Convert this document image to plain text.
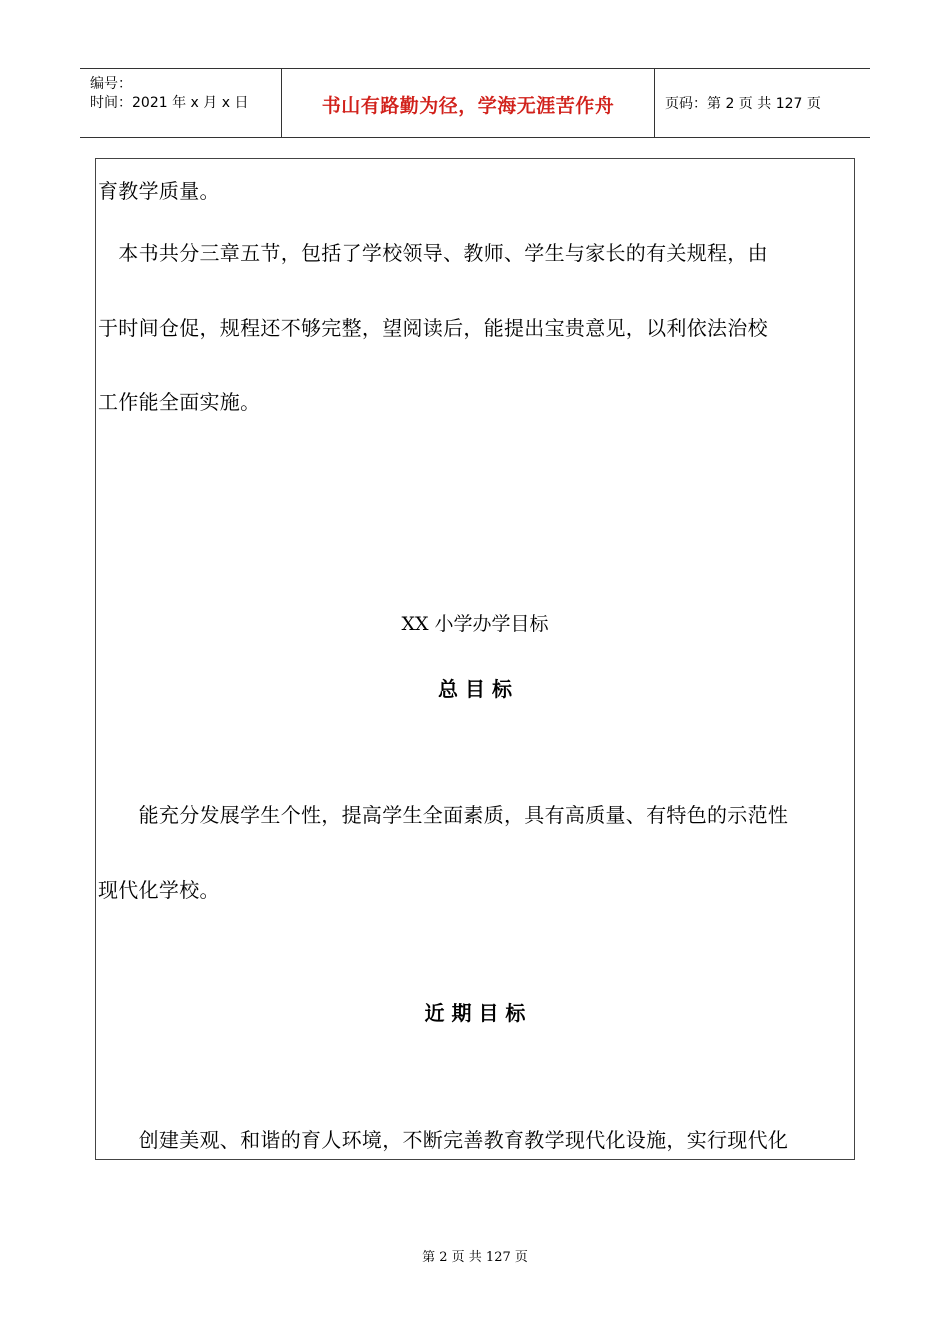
编号：
时间：2021 年 x 月 x 日	书山有路勤为径，学海无涯苦作舟	页码：第 2 页 共 127 页
育教学质量。
　本书共分三章五节，包括了学校领导、教师、学生与家长的有关规程，由
于时间仓促，规程还不够完整，望阅读后，能提出宝贵意见，以利依法治校
工作能全面实施。
XX 小学办学目标
总 目 标
　　能充分发展学生个性，提高学生全面素质，具有高质量、有特色的示范性
现代化学校。
近 期 目 标
　　创建美观、和谐的育人环境，不断完善教育教学现代化设施，实行现代化
第 2 页 共 127 页
